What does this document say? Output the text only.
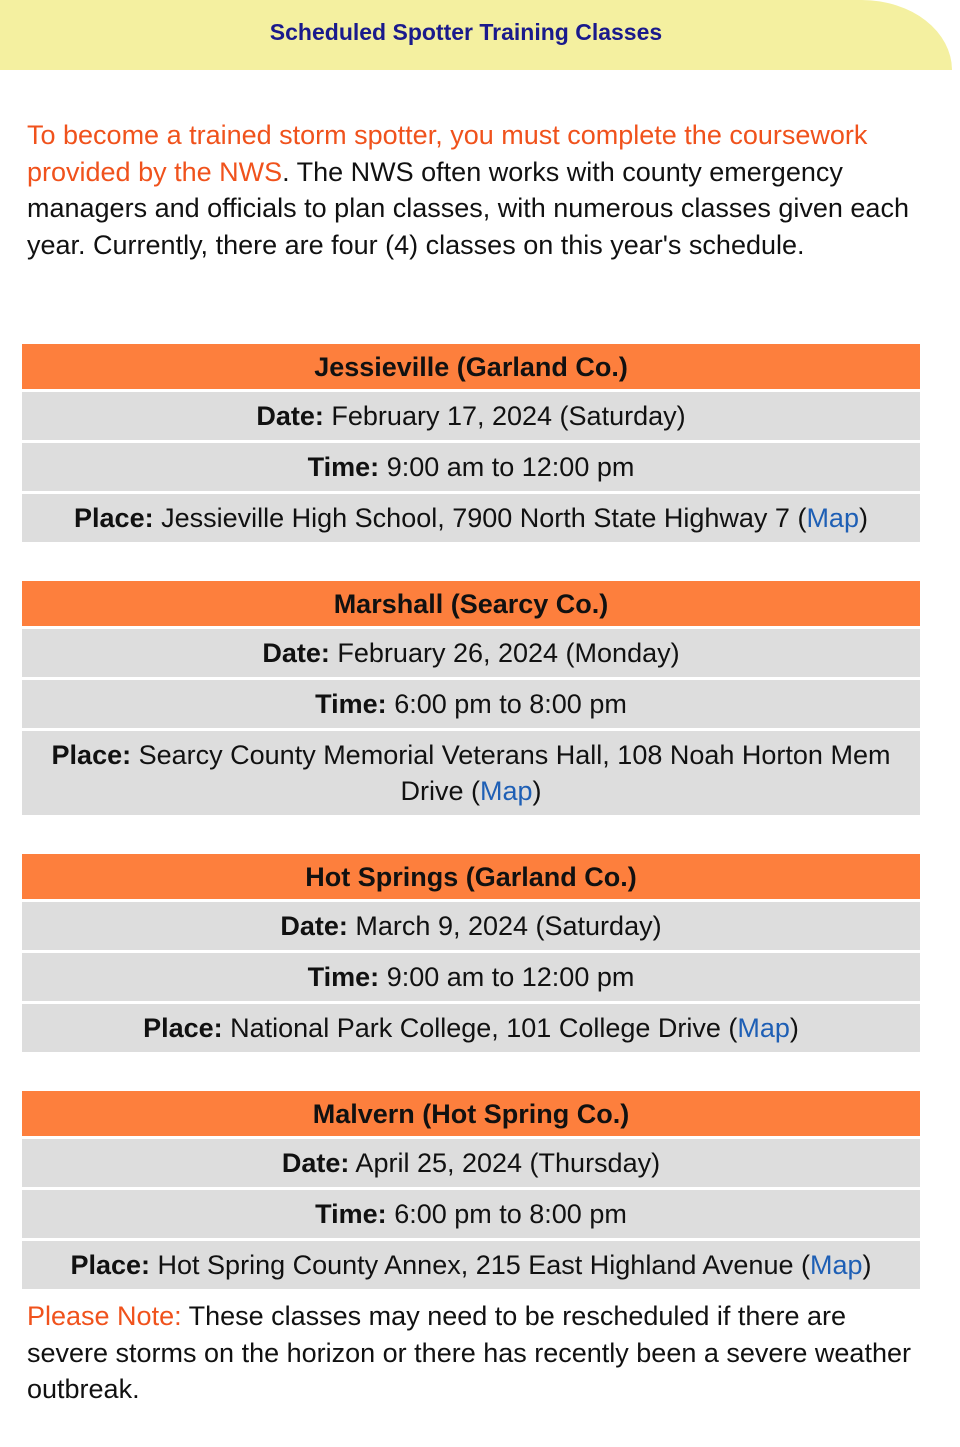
Scheduled Spotter Training Classes
To become a trained storm spotter, you must complete the coursework provided by the NWS. The NWS often works with county emergency managers and officials to plan classes, with numerous classes given each year. Currently, there are four (4) classes on this year's schedule.
Jessieville (Garland Co.)
Date: February 17, 2024 (Saturday)
Time: 9:00 am to 12:00 pm
Place: Jessieville High School, 7900 North State Highway 7 (Map)
Marshall (Searcy Co.)
Date: February 26, 2024 (Monday)
Time: 6:00 pm to 8:00 pm
Place: Searcy County Memorial Veterans Hall, 108 Noah Horton Mem Drive (Map)
Hot Springs (Garland Co.)
Date: March 9, 2024 (Saturday)
Time: 9:00 am to 12:00 pm
Place: National Park College, 101 College Drive (Map)
Malvern (Hot Spring Co.)
Date: April 25, 2024 (Thursday)
Time: 6:00 pm to 8:00 pm
Place: Hot Spring County Annex, 215 East Highland Avenue (Map)
Please Note: These classes may need to be rescheduled if there are severe storms on the horizon or there has recently been a severe weather outbreak.
